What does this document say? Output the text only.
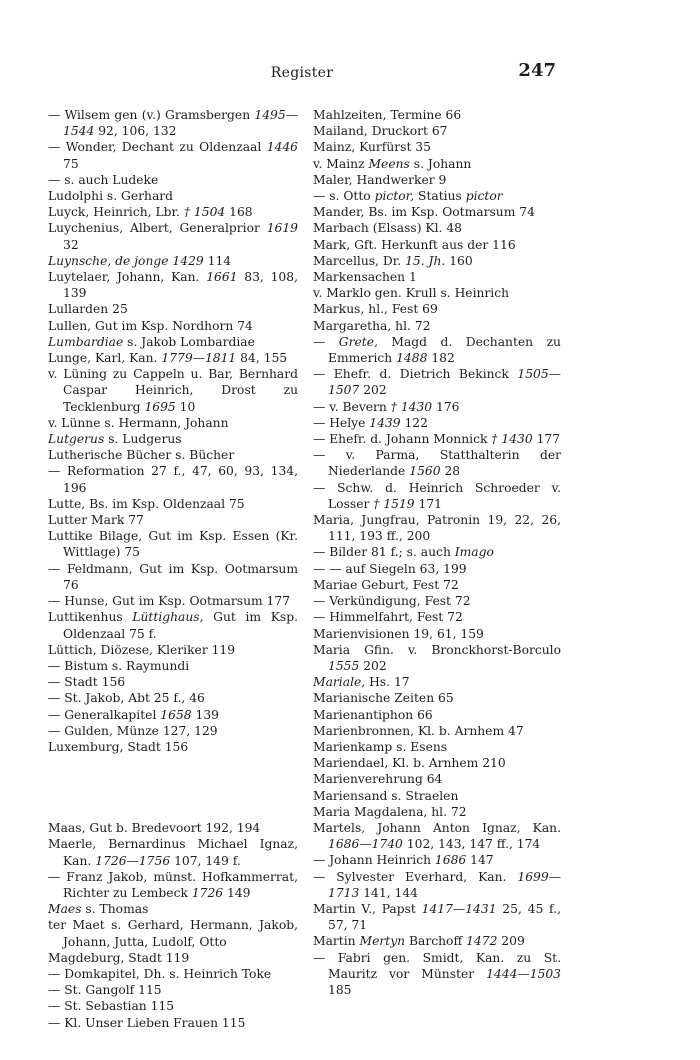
Register	247

— Wilsem gen (v.) Gramsbergen 1495—1544 92, 106, 132

— Wonder, Dechant zu Oldenzaal 1446 75

— s. auch Ludeke

Ludolphi s. Gerhard

Luyck, Heinrich, Lbr. † 1504 168

Luychenius, Albert, Generalprior 1619 32

Luynsche, de jonge 1429 114

Luytelaer, Johann, Kan. 1661 83, 108, 139

Lullarden 25

Lullen, Gut im Ksp. Nordhorn 74

Lumbardiae s. Jakob Lombardiae

Lunge, Karl, Kan. 1779—1811 84, 155

v. Lüning zu Cappeln u. Bar, Bernhard Caspar Heinrich, Drost zu Tecklenburg 1695 10

v. Lünne s. Hermann, Johann

Lutgerus s. Ludgerus

Lutherische Bücher s. Bücher

— Reformation 27 f., 47, 60, 93, 134, 196

Lutte, Bs. im Ksp. Oldenzaal 75

Lutter Mark 77

Luttike Bilage, Gut im Ksp. Essen (Kr. Wittlage) 75

— Feldmann, Gut im Ksp. Ootmarsum 76

— Hunse, Gut im Ksp. Ootmarsum 177

Luttikenhus Lüttighaus, Gut im Ksp. Oldenzaal 75 f.

Lüttich, Diözese, Kleriker 119

— Bistum s. Raymundi

— Stadt 156

— St. Jakob, Abt 25 f., 46

— Generalkapitel 1658 139

— Gulden, Münze 127, 129

Luxemburg, Stadt 156

Maas, Gut b. Bredevoort 192, 194

Maerle, Bernardinus Michael Ignaz, Kan. 1726—1756 107, 149 f.

— Franz Jakob, münst. Hofkammerrat, Richter zu Lembeck 1726 149

Maes s. Thomas

ter Maet s. Gerhard, Hermann, Jakob, Johann, Jutta, Ludolf, Otto

Magdeburg, Stadt 119

— Domkapitel, Dh. s. Heinrich Toke

— St. Gangolf 115

— St. Sebastian 115

— Kl. Unser Lieben Frauen 115

Mahlzeiten, Termine 66

Mailand, Druckort 67

Mainz, Kurfürst 35

v. Mainz Meens s. Johann

Maler, Handwerker 9

— s. Otto pictor, Statius pictor

Mander, Bs. im Ksp. Ootmarsum 74

Marbach (Elsass) Kl. 48

Mark, Gft. Herkunft aus der 116

Marcellus, Dr. 15. Jh. 160

Markensachen 1

v. Marklo gen. Krull s. Heinrich

Markus, hl., Fest 69

Margaretha, hl. 72

— Grete, Magd d. Dechanten zu Emmerich 1488 182

— Ehefr. d. Dietrich Bekinck 1505—1507 202

— v. Bevern † 1430 176

— Helye 1439 122

— Ehefr. d. Johann Monnick † 1430 177

— v. Parma, Statthalterin der Niederlande 1560 28

— Schw. d. Heinrich Schroeder v. Losser † 1519 171

Maria, Jungfrau, Patronin 19, 22, 26, 111, 193 ff., 200

— Bilder 81 f.; s. auch Imago

— — auf Siegeln 63, 199

Mariae Geburt, Fest 72

— Verkündigung, Fest 72

— Himmelfahrt, Fest 72

Marienvisionen 19, 61, 159

Maria Gfin. v. Bronckhorst-Borculo 1555 202

Mariale, Hs. 17

Marianische Zeiten 65

Marienantiphon 66

Marienbronnen, Kl. b. Arnhem 47

Marienkamp s. Esens

Mariendael, Kl. b. Arnhem 210

Marienverehrung 64

Mariensand s. Straelen

Maria Magdalena, hl. 72

Martels, Johann Anton Ignaz, Kan. 1686—1740 102, 143, 147 ff., 174

— Johann Heinrich 1686 147

— Sylvester Everhard, Kan. 1699—1713 141, 144

Martin V., Papst 1417—1431 25, 45 f., 57, 71

Martin Mertyn Barchoff 1472 209

— Fabri gen. Smidt, Kan. zu St. Mauritz vor Münster 1444—1503 185
